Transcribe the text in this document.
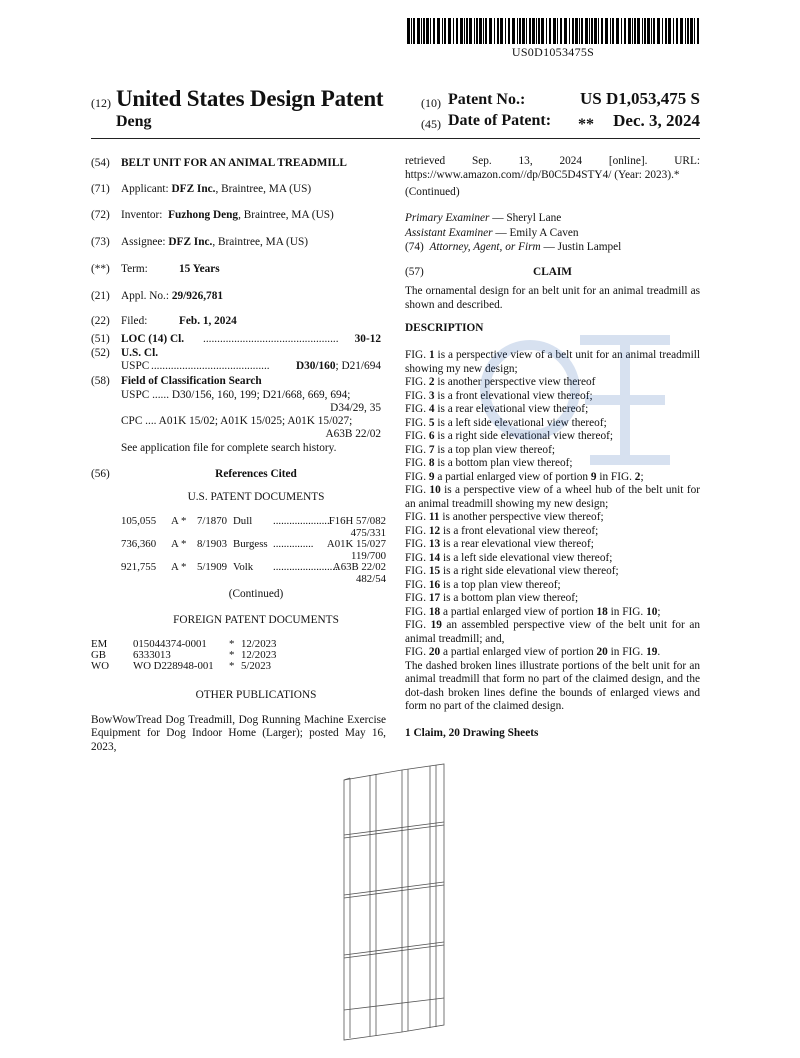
US0D1053475S
(12) United States Design Patent	(10) Patent No.:	US D1,053,475 S
Deng	(45) Date of Patent: **	Dec. 3, 2024
(54) BELT UNIT FOR AN ANIMAL TREADMILL
(71) Applicant: DFZ Inc., Braintree, MA (US)
(72) Inventor: Fuzhong Deng, Braintree, MA (US)
(73) Assignee: DFZ Inc., Braintree, MA (US)
(**) Term:	15 Years
(21) Appl. No.: 29/926,781
(22) Filed:	Feb. 1, 2024
(51) LOC (14) Cl. ................................................ 30-12
(52) U.S. Cl.
USPC .......................................... D30/160; D21/694
(58) Field of Classification Search
USPC ...... D30/156, 160, 199; D21/668, 669, 694;
D34/29, 35
CPC .... A01K 15/02; A01K 15/025; A01K 15/027;
A63B 22/02
See application file for complete search history.
(56)	References Cited
U.S. PATENT DOCUMENTS
105,055 A * 7/1870 Dull ......................
F16H 57/082
475/331
736,360 A * 8/1903 Burgess ............... A01K 15/027
119/700
921,755 A * 5/1909 Volk ........................
A63B 22/02
482/54
(Continued)
FOREIGN PATENT DOCUMENTS
EM 015044374-0001 * 12/2023
GB	6333013	* 12/2023
WO WO D228948-001 * 5/2023
OTHER PUBLICATIONS
BowWowTread Dog Treadmill, Dog Running Machine Exercise Equipment for Dog Indoor Home (Larger); posted May 16, 2023,
retrieved Sep. 13, 2024 [online]. URL: https://www.amazon.com//dp/B0C5D4STY4/ (Year: 2023).*
(Continued)
Primary Examiner — Sheryl Lane
Assistant Examiner — Emily A Caven
(74) Attorney, Agent, or Firm — Justin Lampel
(57)	CLAIM
The ornamental design for an belt unit for an animal treadmill as shown and described.
DESCRIPTION

FIG. 1 is a perspective view of a belt unit for an animal treadmill showing my new design;

FIG. 2 is another perspective view thereof

FIG. 3 is a front elevational view thereof;

FIG. 4 is a rear elevational view thereof;

FIG. 5 is a left side elevational view thereof;

FIG. 6 is a right side elevational view thereof;

FIG. 7 is a top plan view thereof;

FIG. 8 is a bottom plan view thereof;

FIG. 9 a partial enlarged view of portion 9 in FIG. 2;

FIG. 10 is a perspective view of a wheel hub of the belt unit for an animal treadmill showing my new design;

FIG. 11 is another perspective view thereof;

FIG. 12 is a front elevational view thereof;

FIG. 13 is a rear elevational view thereof;

FIG. 14 is a left side elevational view thereof;

FIG. 15 is a right side elevational view thereof;

FIG. 16 is a top plan view thereof;

FIG. 17 is a bottom plan view thereof;

FIG. 18 a partial enlarged view of portion 18 in FIG. 10;

FIG. 19 an assembled perspective view of the belt unit for an animal treadmill; and,

FIG. 20 a partial enlarged view of portion 20 in FIG. 19.

The dashed broken lines illustrate portions of the belt unit for an animal treadmill that form no part of the claimed design, and the dot-dash broken lines define the bounds of enlarged views and form no part of the claimed design.

1 Claim, 20 Drawing Sheets
